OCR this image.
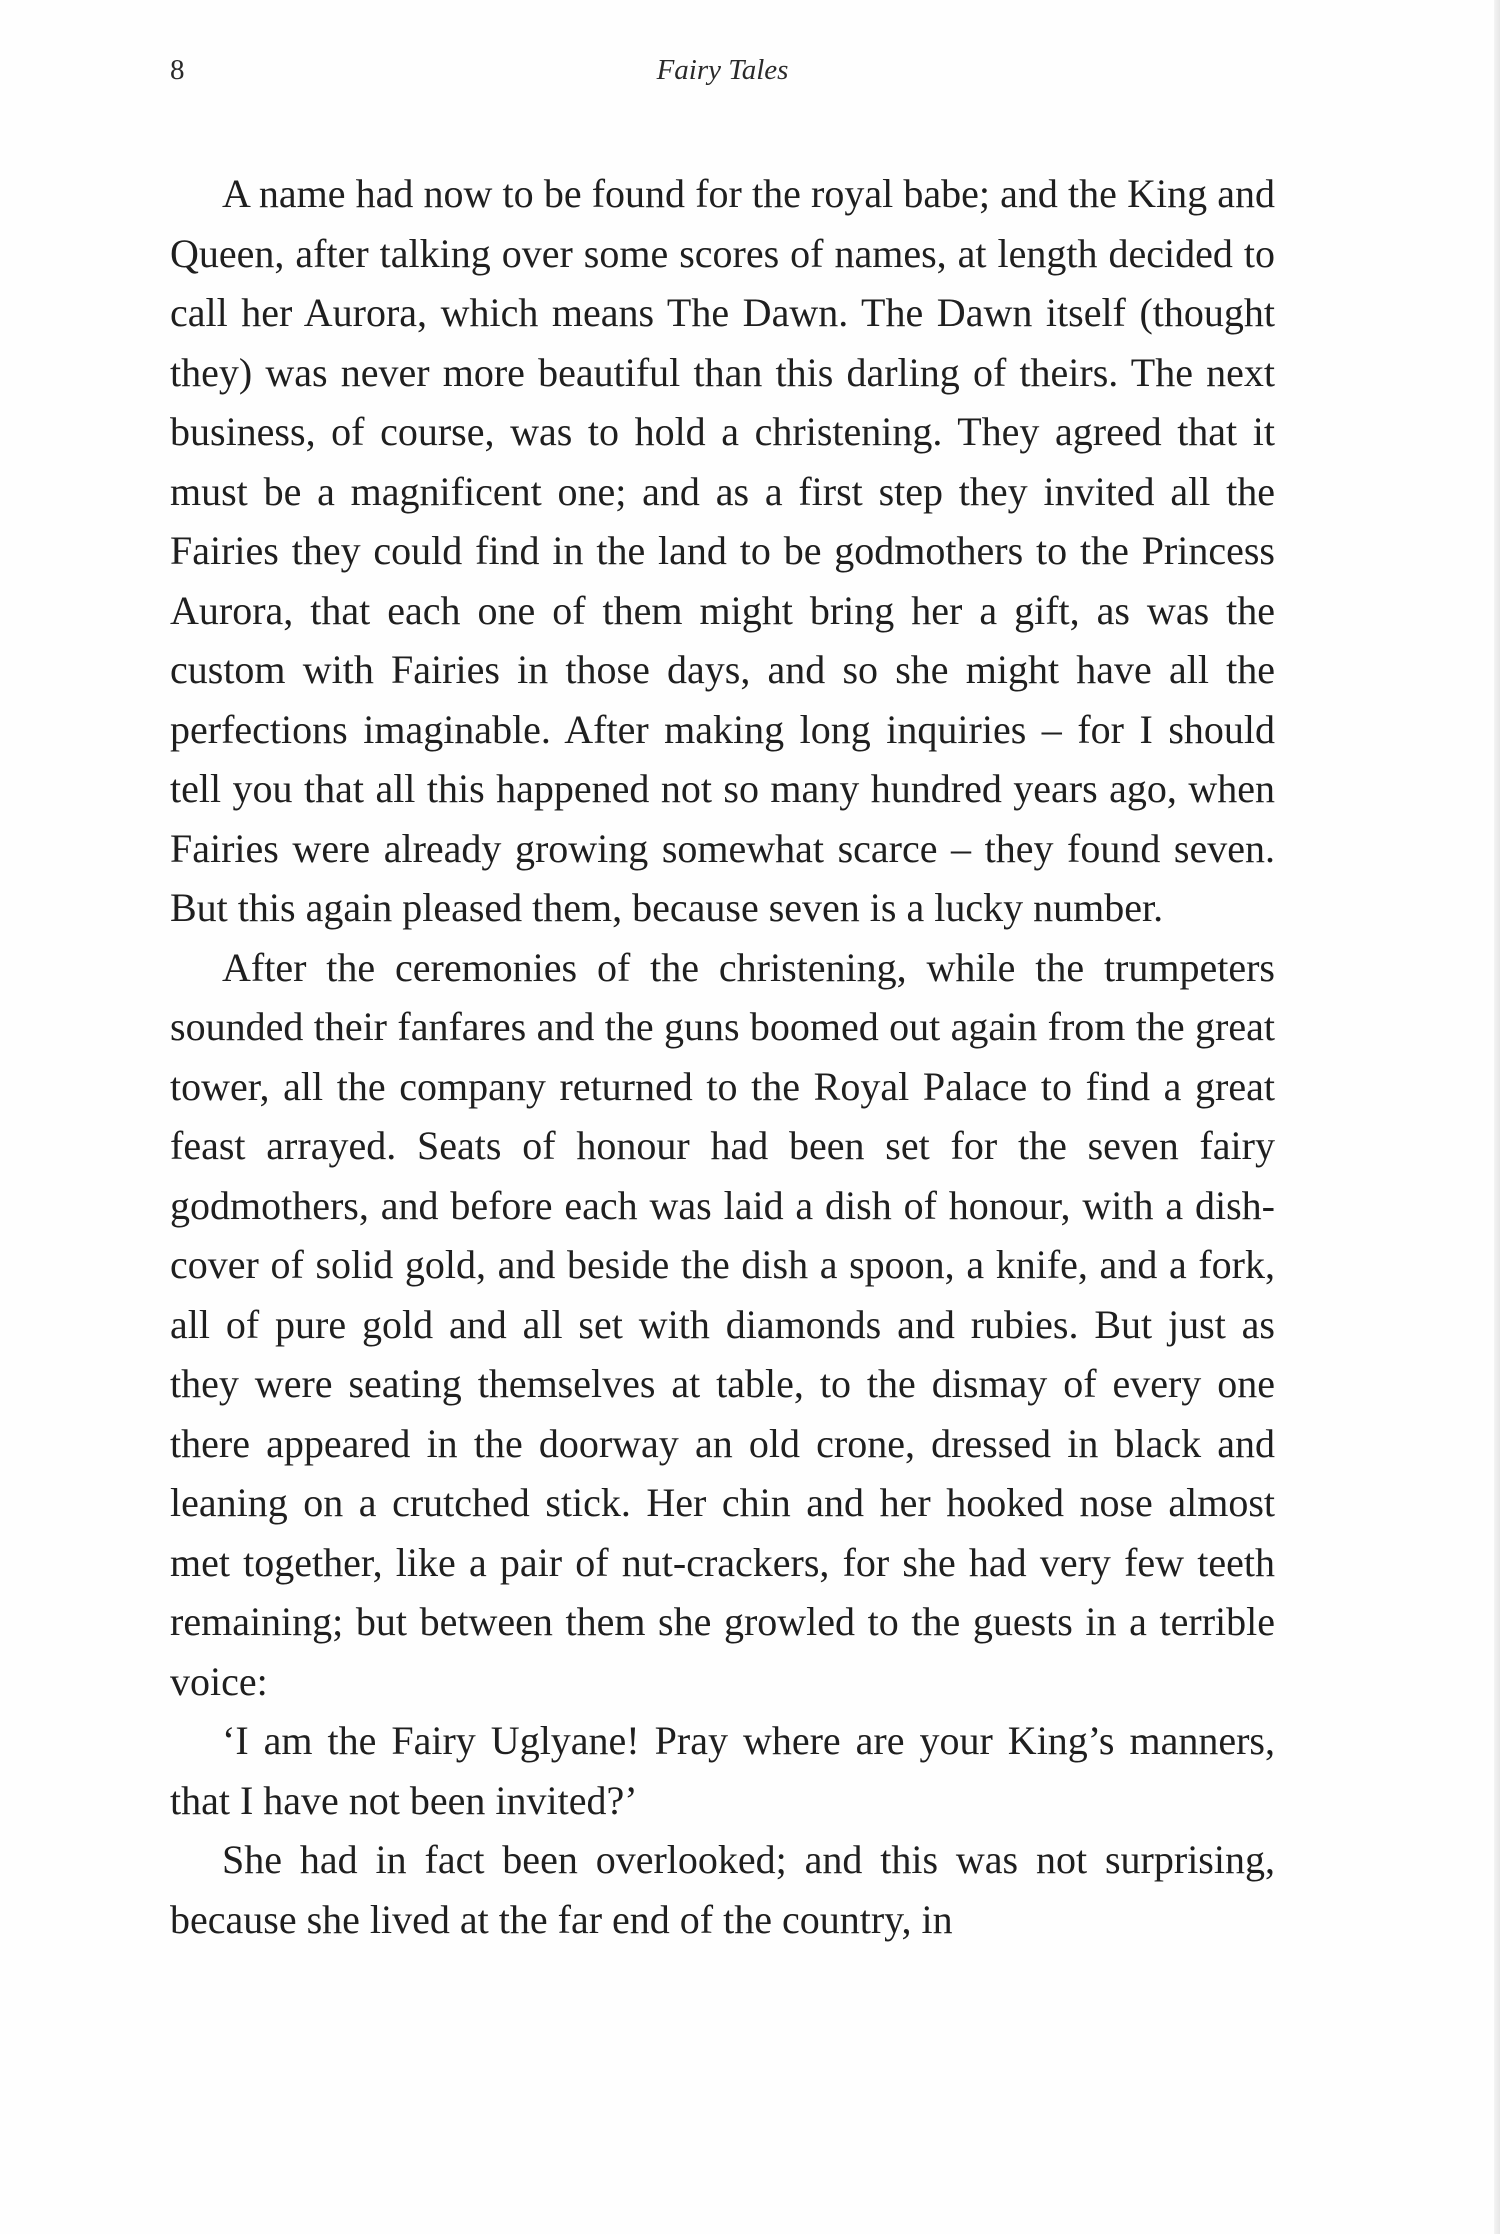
8	Fairy Tales

A name had now to be found for the royal babe; and the King and Queen, after talking over some scores of names, at length decided to call her Aurora, which means The Dawn. The Dawn itself (thought they) was never more beautiful than this darling of theirs. The next business, of course, was to hold a christening. They agreed that it must be a magnificent one; and as a first step they invited all the Fairies they could find in the land to be godmothers to the Princess Aurora, that each one of them might bring her a gift, as was the custom with Fairies in those days, and so she might have all the perfections imaginable. After making long inquiries – for I should tell you that all this happened not so many hundred years ago, when Fairies were already growing somewhat scarce – they found seven. But this again pleased them, because seven is a lucky number.

After the ceremonies of the christening, while the trumpeters sounded their fanfares and the guns boomed out again from the great tower, all the company returned to the Royal Palace to find a great feast arrayed. Seats of honour had been set for the seven fairy godmothers, and before each was laid a dish of honour, with a dish-cover of solid gold, and beside the dish a spoon, a knife, and a fork, all of pure gold and all set with diamonds and rubies. But just as they were seating themselves at table, to the dismay of every one there appeared in the doorway an old crone, dressed in black and leaning on a crutched stick. Her chin and her hooked nose almost met together, like a pair of nut-crackers, for she had very few teeth remaining; but between them she growled to the guests in a terrible voice:

‘I am the Fairy Uglyane! Pray where are your King’s manners, that I have not been invited?’

She had in fact been overlooked; and this was not surprising, because she lived at the far end of the country, in
